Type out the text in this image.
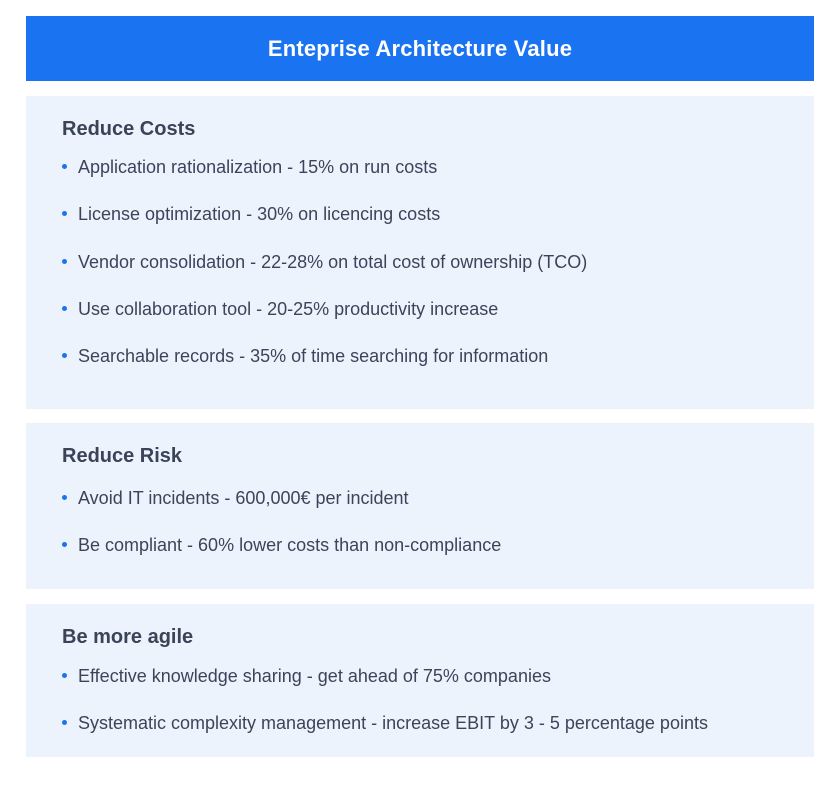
Enteprise Architecture Value
Reduce Costs
Application rationalization - 15% on run costs
License optimization - 30% on licencing costs
Vendor consolidation - 22-28% on total cost of ownership (TCO)
Use collaboration tool - 20-25% productivity increase
Searchable records - 35% of time searching for information
Reduce Risk
Avoid IT incidents - 600,000€ per incident
Be compliant - 60% lower costs than non-compliance
Be more agile
Effective knowledge sharing - get ahead of 75% companies
Systematic complexity management - increase EBIT by 3 - 5 percentage points
